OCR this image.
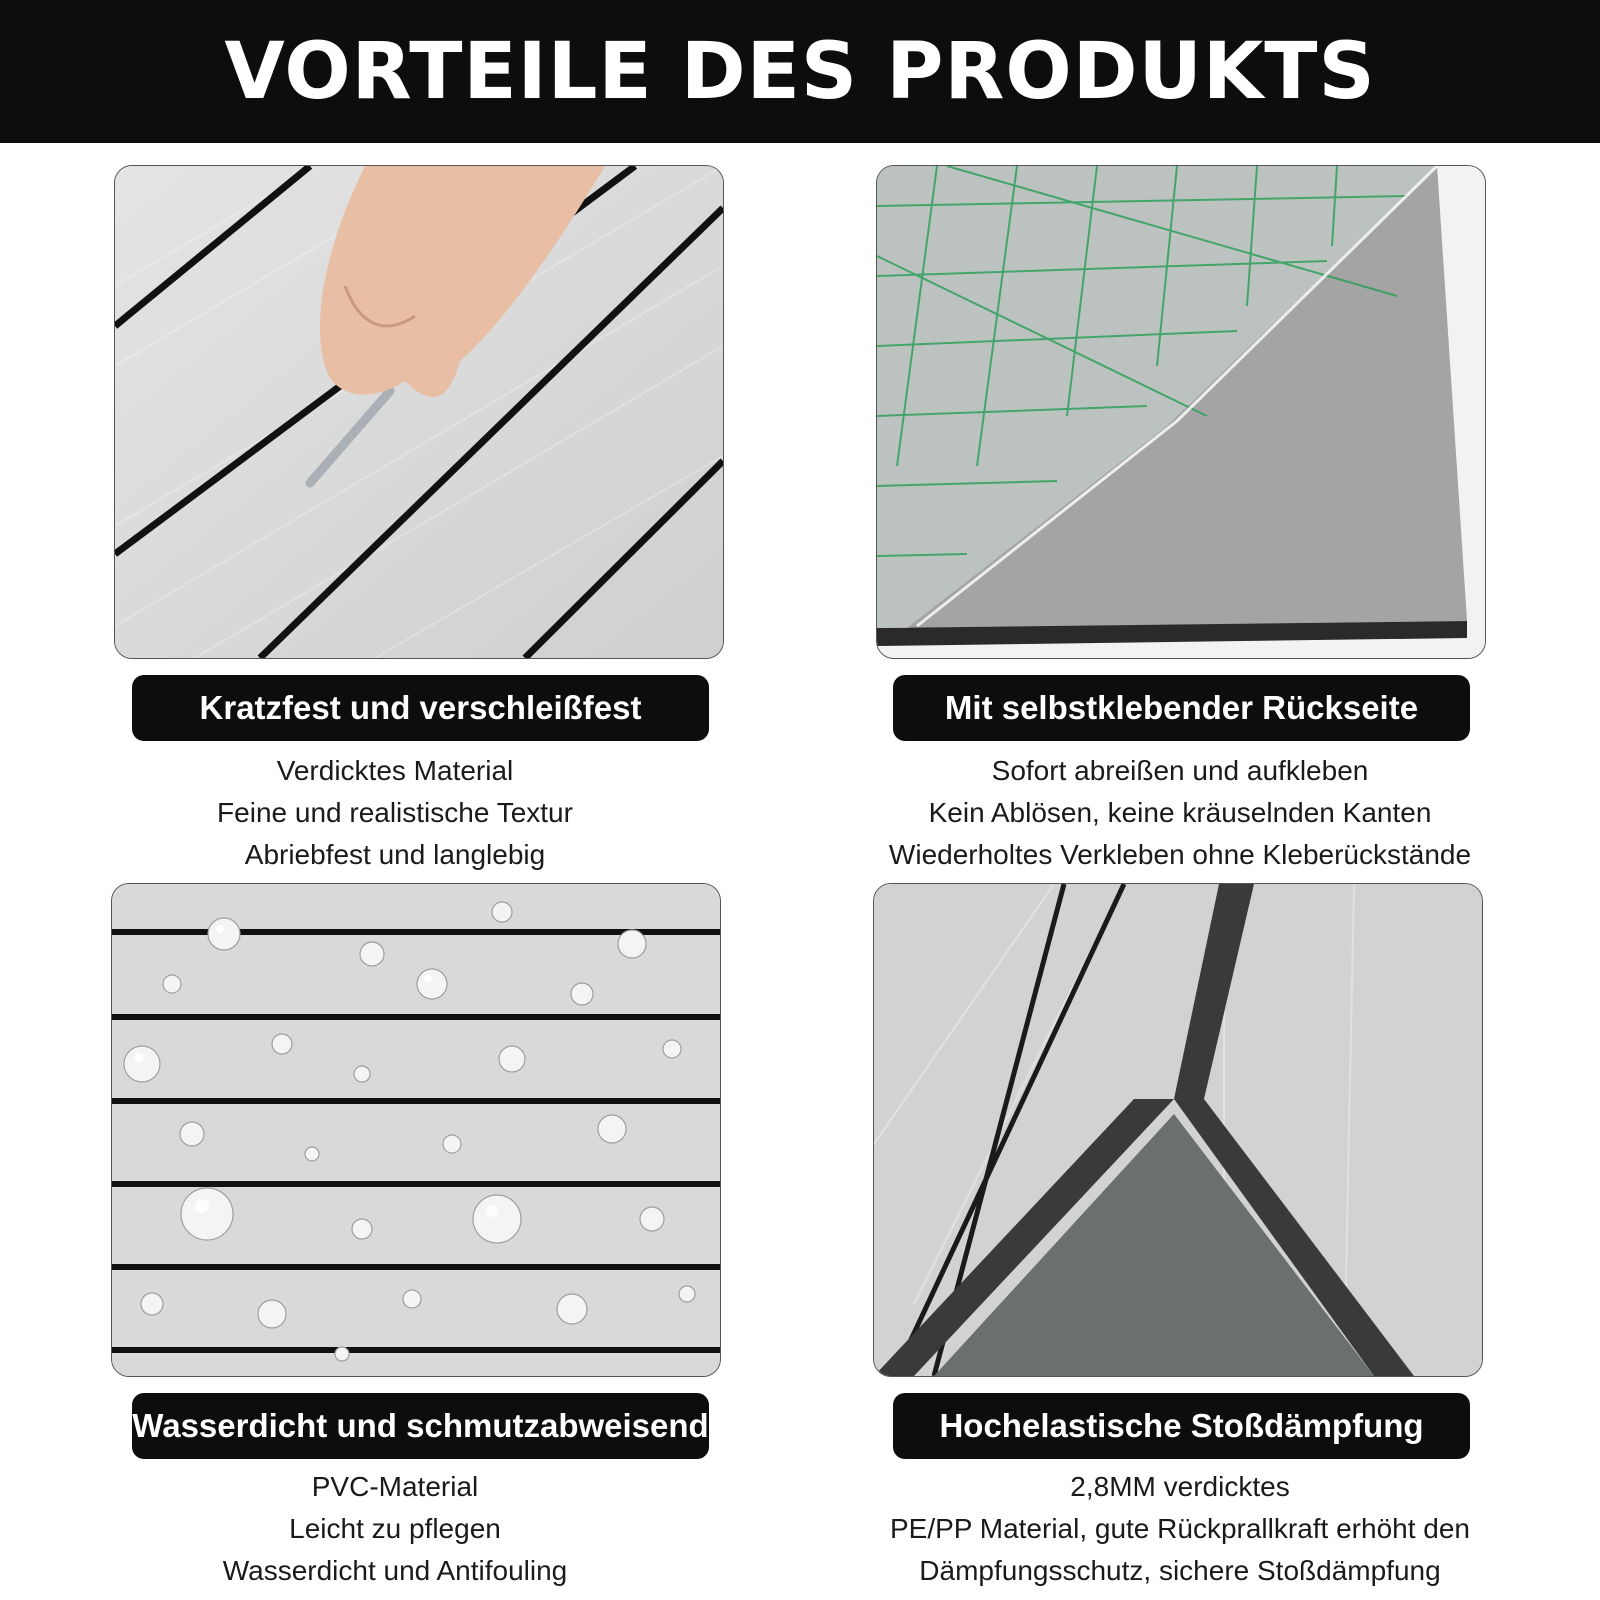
VORTEILE DES PRODUKTS
Kratzfest und verschleißfest	Mit selbstklebender Rückseite
Wasserdicht und schmutzabweisend	Hochelastische Stoßdämpfung
Verdicktes Material
Feine und realistische Textur
Abriebfest und langlebig
Sofort abreißen und aufkleben
Kein Ablösen, keine kräuselnden Kanten
Wiederholtes Verkleben ohne Kleberückstände
PVC-Material
Leicht zu pflegen
Wasserdicht und Antifouling
2,8MM verdicktes
PE/PP Material, gute Rückprallkraft erhöht den
Dämpfungsschutz, sichere Stoßdämpfung
